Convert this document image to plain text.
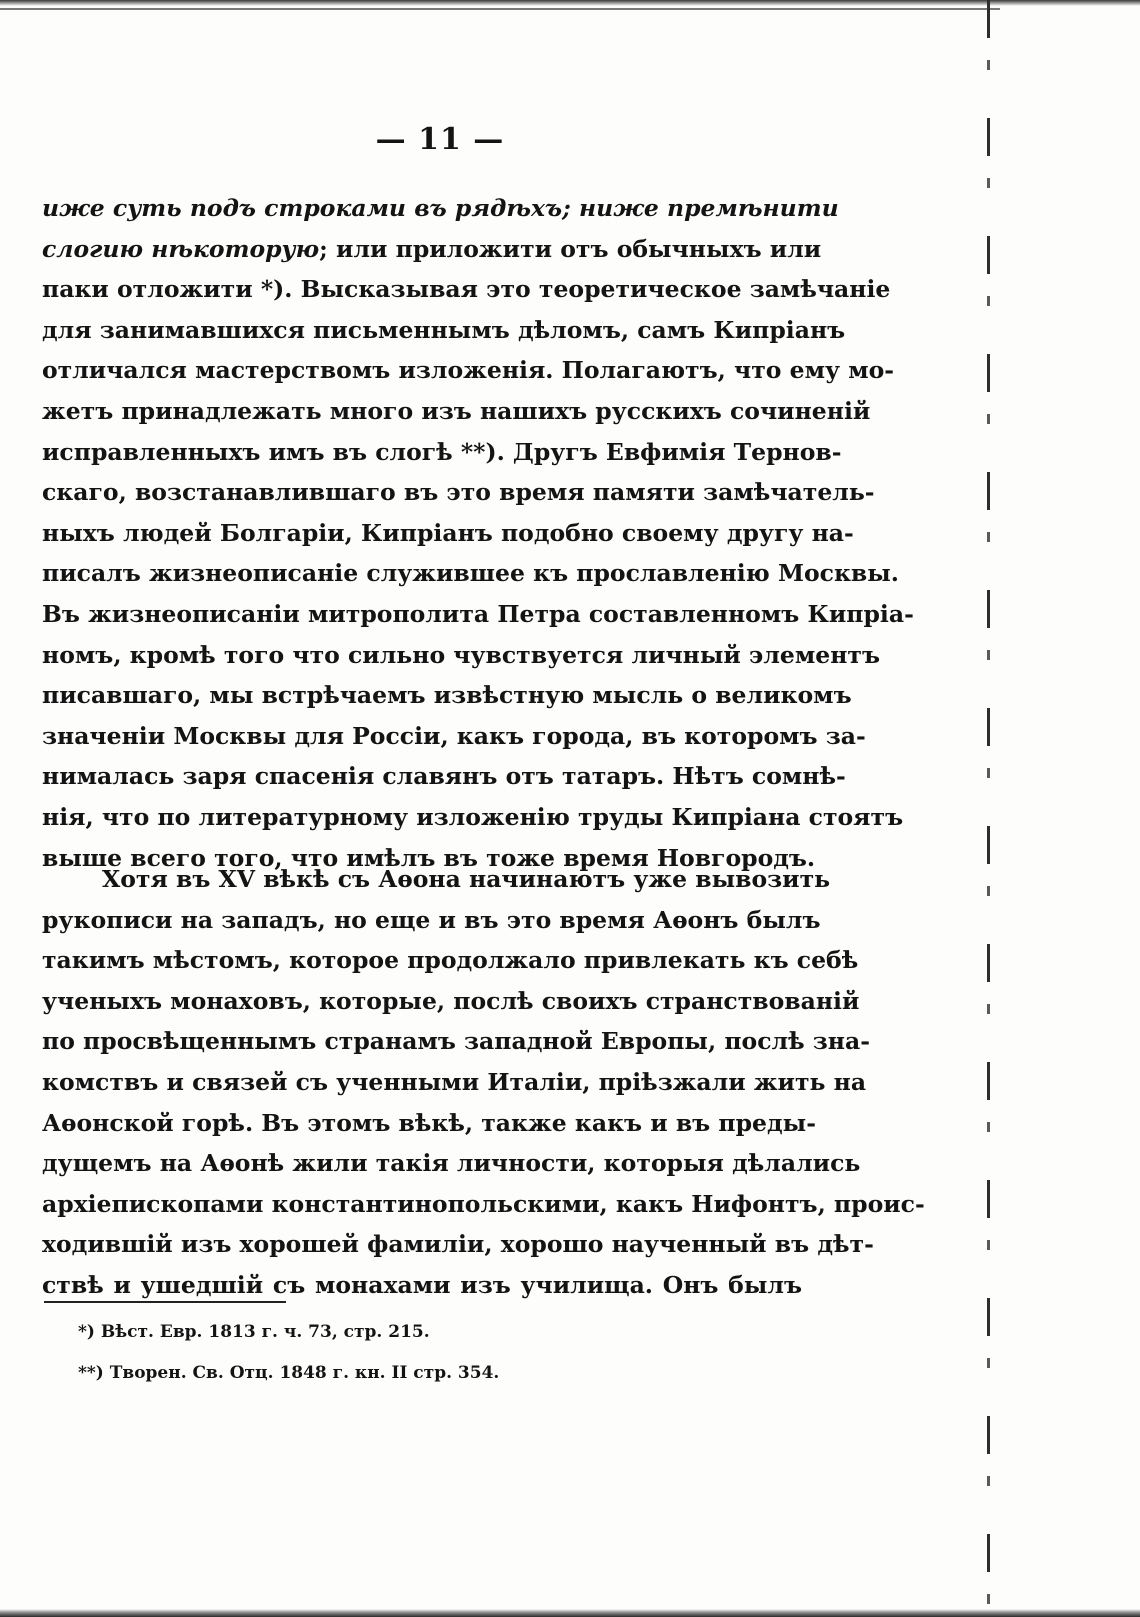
— 11 —
иже суть подъ строками въ рядѣхъ; ниже премѣнити
слогию нѣкоторую; или приложити отъ обычныхъ или
паки отложити *). Высказывая это теоретическое замѣчаніе
для занимавшихся письменнымъ дѣломъ, самъ Кипріанъ
отличался мастерствомъ изложенія. Полагаютъ, что ему мо-
жетъ принадлежать много изъ нашихъ русскихъ сочиненій
исправленныхъ имъ въ слогѣ **). Другъ Евфимія Тернов-
скаго, возстанавлившаго въ это время памяти замѣчатель-
ныхъ людей Болгаріи, Кипріанъ подобно своему другу на-
писалъ жизнеописаніе служившее къ прославленію Москвы.
Въ жизнеописаніи митрополита Петра составленномъ Кипріа-
номъ, кромѣ того что сильно чувствуется личный элементъ
писавшаго, мы встрѣчаемъ извѣстную мысль о великомъ
значеніи Москвы для Россіи, какъ города, въ которомъ за-
нималась заря спасенія славянъ отъ татаръ. Нѣтъ сомнѣ-
нія, что по литературному изложенію труды Кипріана стоятъ
выше всего того, что имѣлъ въ тоже время Новгородъ.
Хотя въ XV вѣкѣ съ Аѳона начинаютъ уже вывозить
рукописи на западъ, но еще и въ это время Аѳонъ былъ
такимъ мѣстомъ, которое продолжало привлекать къ себѣ
ученыхъ монаховъ, которые, послѣ своихъ странствованій
по просвѣщеннымъ странамъ западной Европы, послѣ зна-
комствъ и связей съ ученными Италіи, пріѣзжали жить на
Аѳонской горѣ. Въ этомъ вѣкѣ, также какъ и въ преды-
дущемъ на Аѳонѣ жили такія личности, которыя дѣлались
архіепископами константинопольскими, какъ Нифонтъ, проис-
ходившій изъ хорошей фамиліи, хорошо наученный въ дѣт-
ствѣ и ушедшій съ монахами изъ училища. Онъ былъ
*) Вѣст. Евр. 1813 г. ч. 73, стр. 215.
**) Творен. Св. Отц. 1848 г. кн. II стр. 354.
